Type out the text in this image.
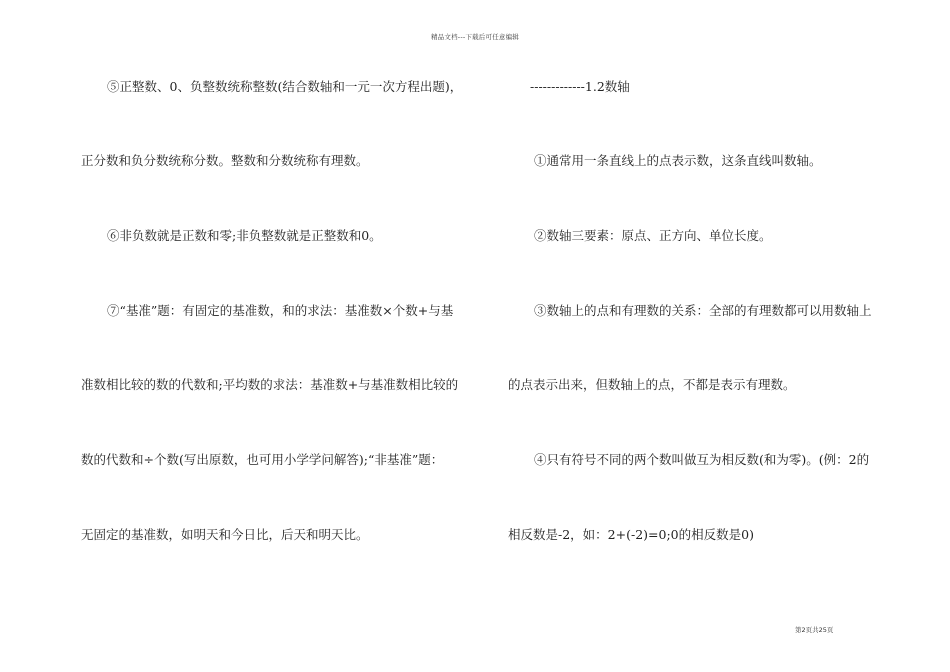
精品文档---下载后可任意编辑
⑤正整数、0、负整数统称整数(结合数轴和一元一次方程出题)，
正分数和负分数统称分数。整数和分数统称有理数。
⑥非负数就是正数和零;非负整数就是正整数和0。
⑦“基准”题：有固定的基准数，和的求法：基准数×个数+与基
准数相比较的数的代数和;平均数的求法：基准数+与基准数相比较的
数的代数和÷个数(写出原数，也可用小学学问解答);“非基准”题：
无固定的基准数，如明天和今日比，后天和明天比。
-------------1.2数轴
①通常用一条直线上的点表示数，这条直线叫数轴。
②数轴三要素：原点、正方向、单位长度。
③数轴上的点和有理数的关系：全部的有理数都可以用数轴上
的点表示出来，但数轴上的点，不都是表示有理数。
④只有符号不同的两个数叫做互为相反数(和为零)。(例：2的
相反数是-2，如：2+(-2)=0;0的相反数是0)
第2页共25页
